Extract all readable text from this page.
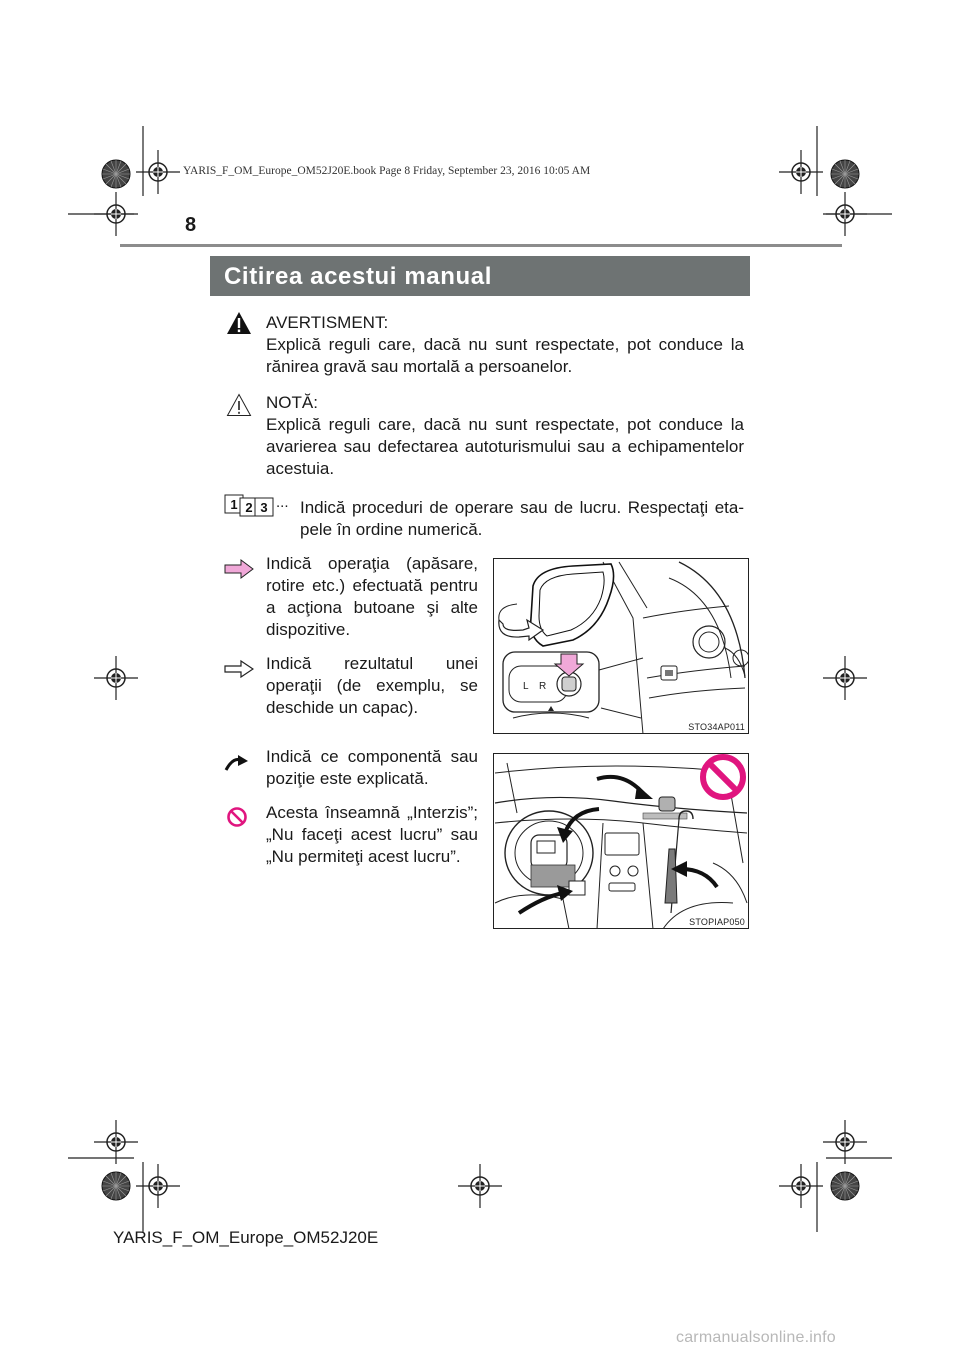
YARIS_F_OM_Europe_OM52J20E.book Page 8 Friday, September 23, 2016 10:05 AM
8
Citirea acestui manual
AVERTISMENT:
Explică reguli care, dacă nu sunt respectate, pot conduce la rănirea gravă sau mortală a persoanelor.
NOTĂ:
Explică reguli care, dacă nu sunt respectate, pot conduce la avarierea sau defectarea autoturismului sau a echipamentelor acestuia.
1 2 3 ... Indică proceduri de operare sau de lucru. Respectaţi eta-pele în ordine numerică.
Indică operaţia (apăsare, rotire etc.) efectuată pentru a acţiona butoane şi alte dispozitive.
Indică rezultatul unei operaţii (de exemplu, se deschide un capac).
Indică ce componentă sau poziţie este explicată.
Acesta înseamnă „Interzis”; „Nu faceţi acest lucru” sau „Nu permiteţi acest lucru”.
L R
STO34AP011
STOPIAP050
YARIS_F_OM_Europe_OM52J20E
carmanualsonline.info
